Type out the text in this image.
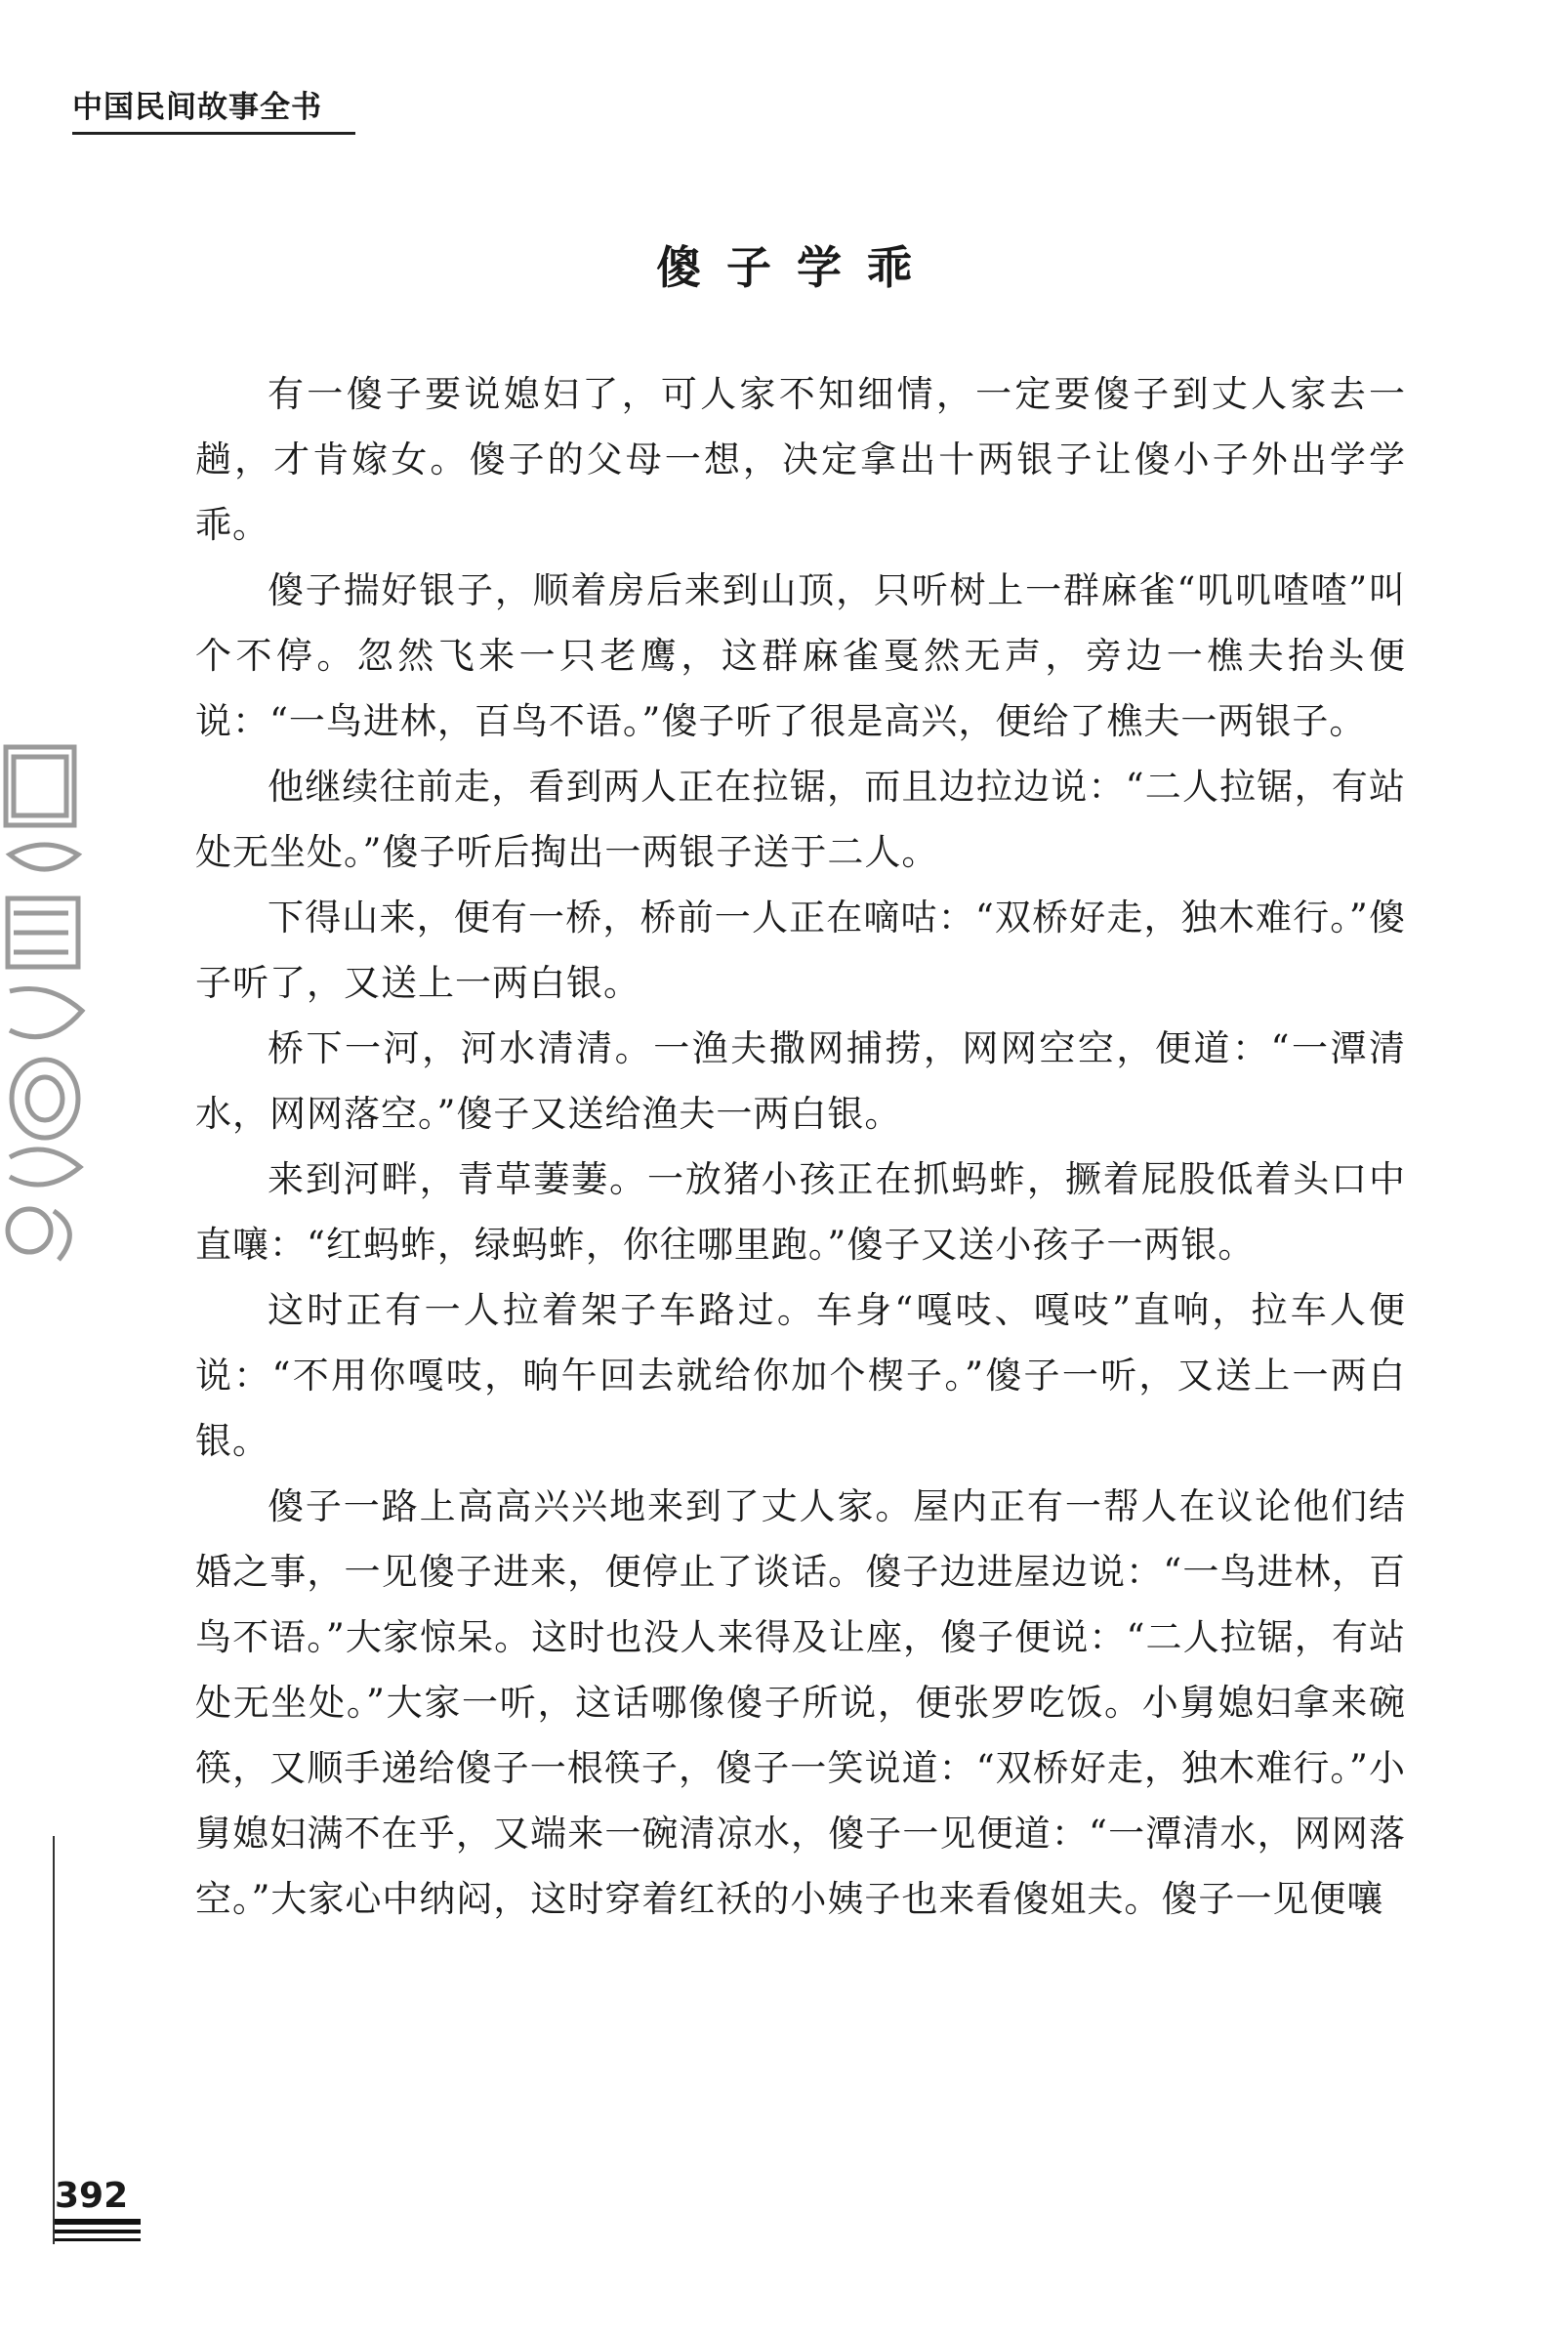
中国民间故事全书
傻子学乖

有一傻子要说媳妇了，可人家不知细情，一定要傻子到丈人家去一趟，才肯嫁女。傻子的父母一想，决定拿出十两银子让傻小子外出学学乖。

傻子揣好银子，顺着房后来到山顶，只听树上一群麻雀“叽叽喳喳”叫个不停。忽然飞来一只老鹰，这群麻雀戛然无声，旁边一樵夫抬头便说：“一鸟进林，百鸟不语。”傻子听了很是高兴，便给了樵夫一两银子。

他继续往前走，看到两人正在拉锯，而且边拉边说：“二人拉锯，有站处无坐处。”傻子听后掏出一两银子送于二人。

下得山来，便有一桥，桥前一人正在嘀咕：“双桥好走，独木难行。”傻子听了，又送上一两白银。

桥下一河，河水清清。一渔夫撒网捕捞，网网空空，便道：“一潭清水，网网落空。”傻子又送给渔夫一两白银。

来到河畔，青草萋萋。一放猪小孩正在抓蚂蚱，撅着屁股低着头口中直嚷：“红蚂蚱，绿蚂蚱，你往哪里跑。”傻子又送小孩子一两银。

这时正有一人拉着架子车路过。车身“嘎吱、嘎吱”直响，拉车人便说：“不用你嘎吱，晌午回去就给你加个楔子。”傻子一听，又送上一两白银。

傻子一路上高高兴兴地来到了丈人家。屋内正有一帮人在议论他们结婚之事，一见傻子进来，便停止了谈话。傻子边进屋边说：“一鸟进林，百鸟不语。”大家惊呆。这时也没人来得及让座，傻子便说：“二人拉锯，有站处无坐处。”大家一听，这话哪像傻子所说，便张罗吃饭。小舅媳妇拿来碗筷，又顺手递给傻子一根筷子，傻子一笑说道：“双桥好走，独木难行。”小舅媳妇满不在乎，又端来一碗清凉水，傻子一见便道：“一潭清水，网网落空。”大家心中纳闷，这时穿着红袄的小姨子也来看傻姐夫。傻子一见便嚷

392
